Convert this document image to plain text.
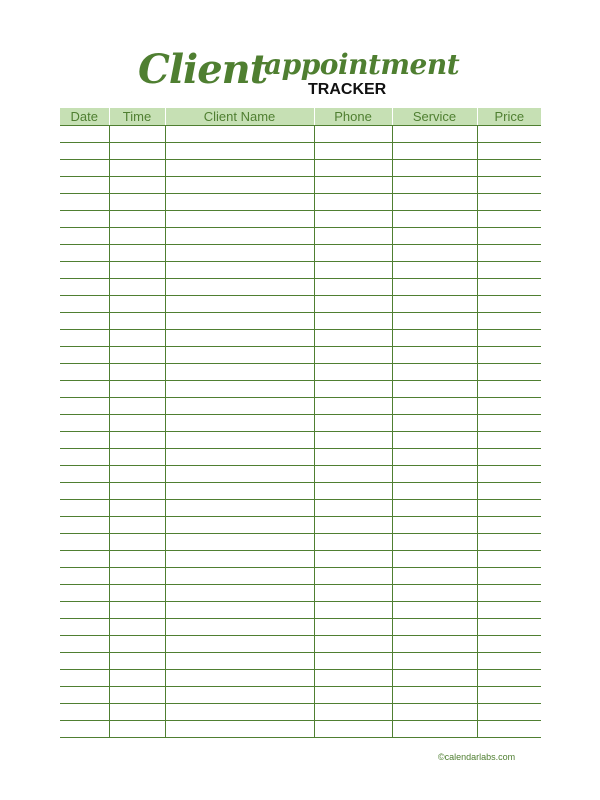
Client
appointment
TRACKER
Date	Time	Client Name	Phone	Service	Price

©calendarlabs.com
